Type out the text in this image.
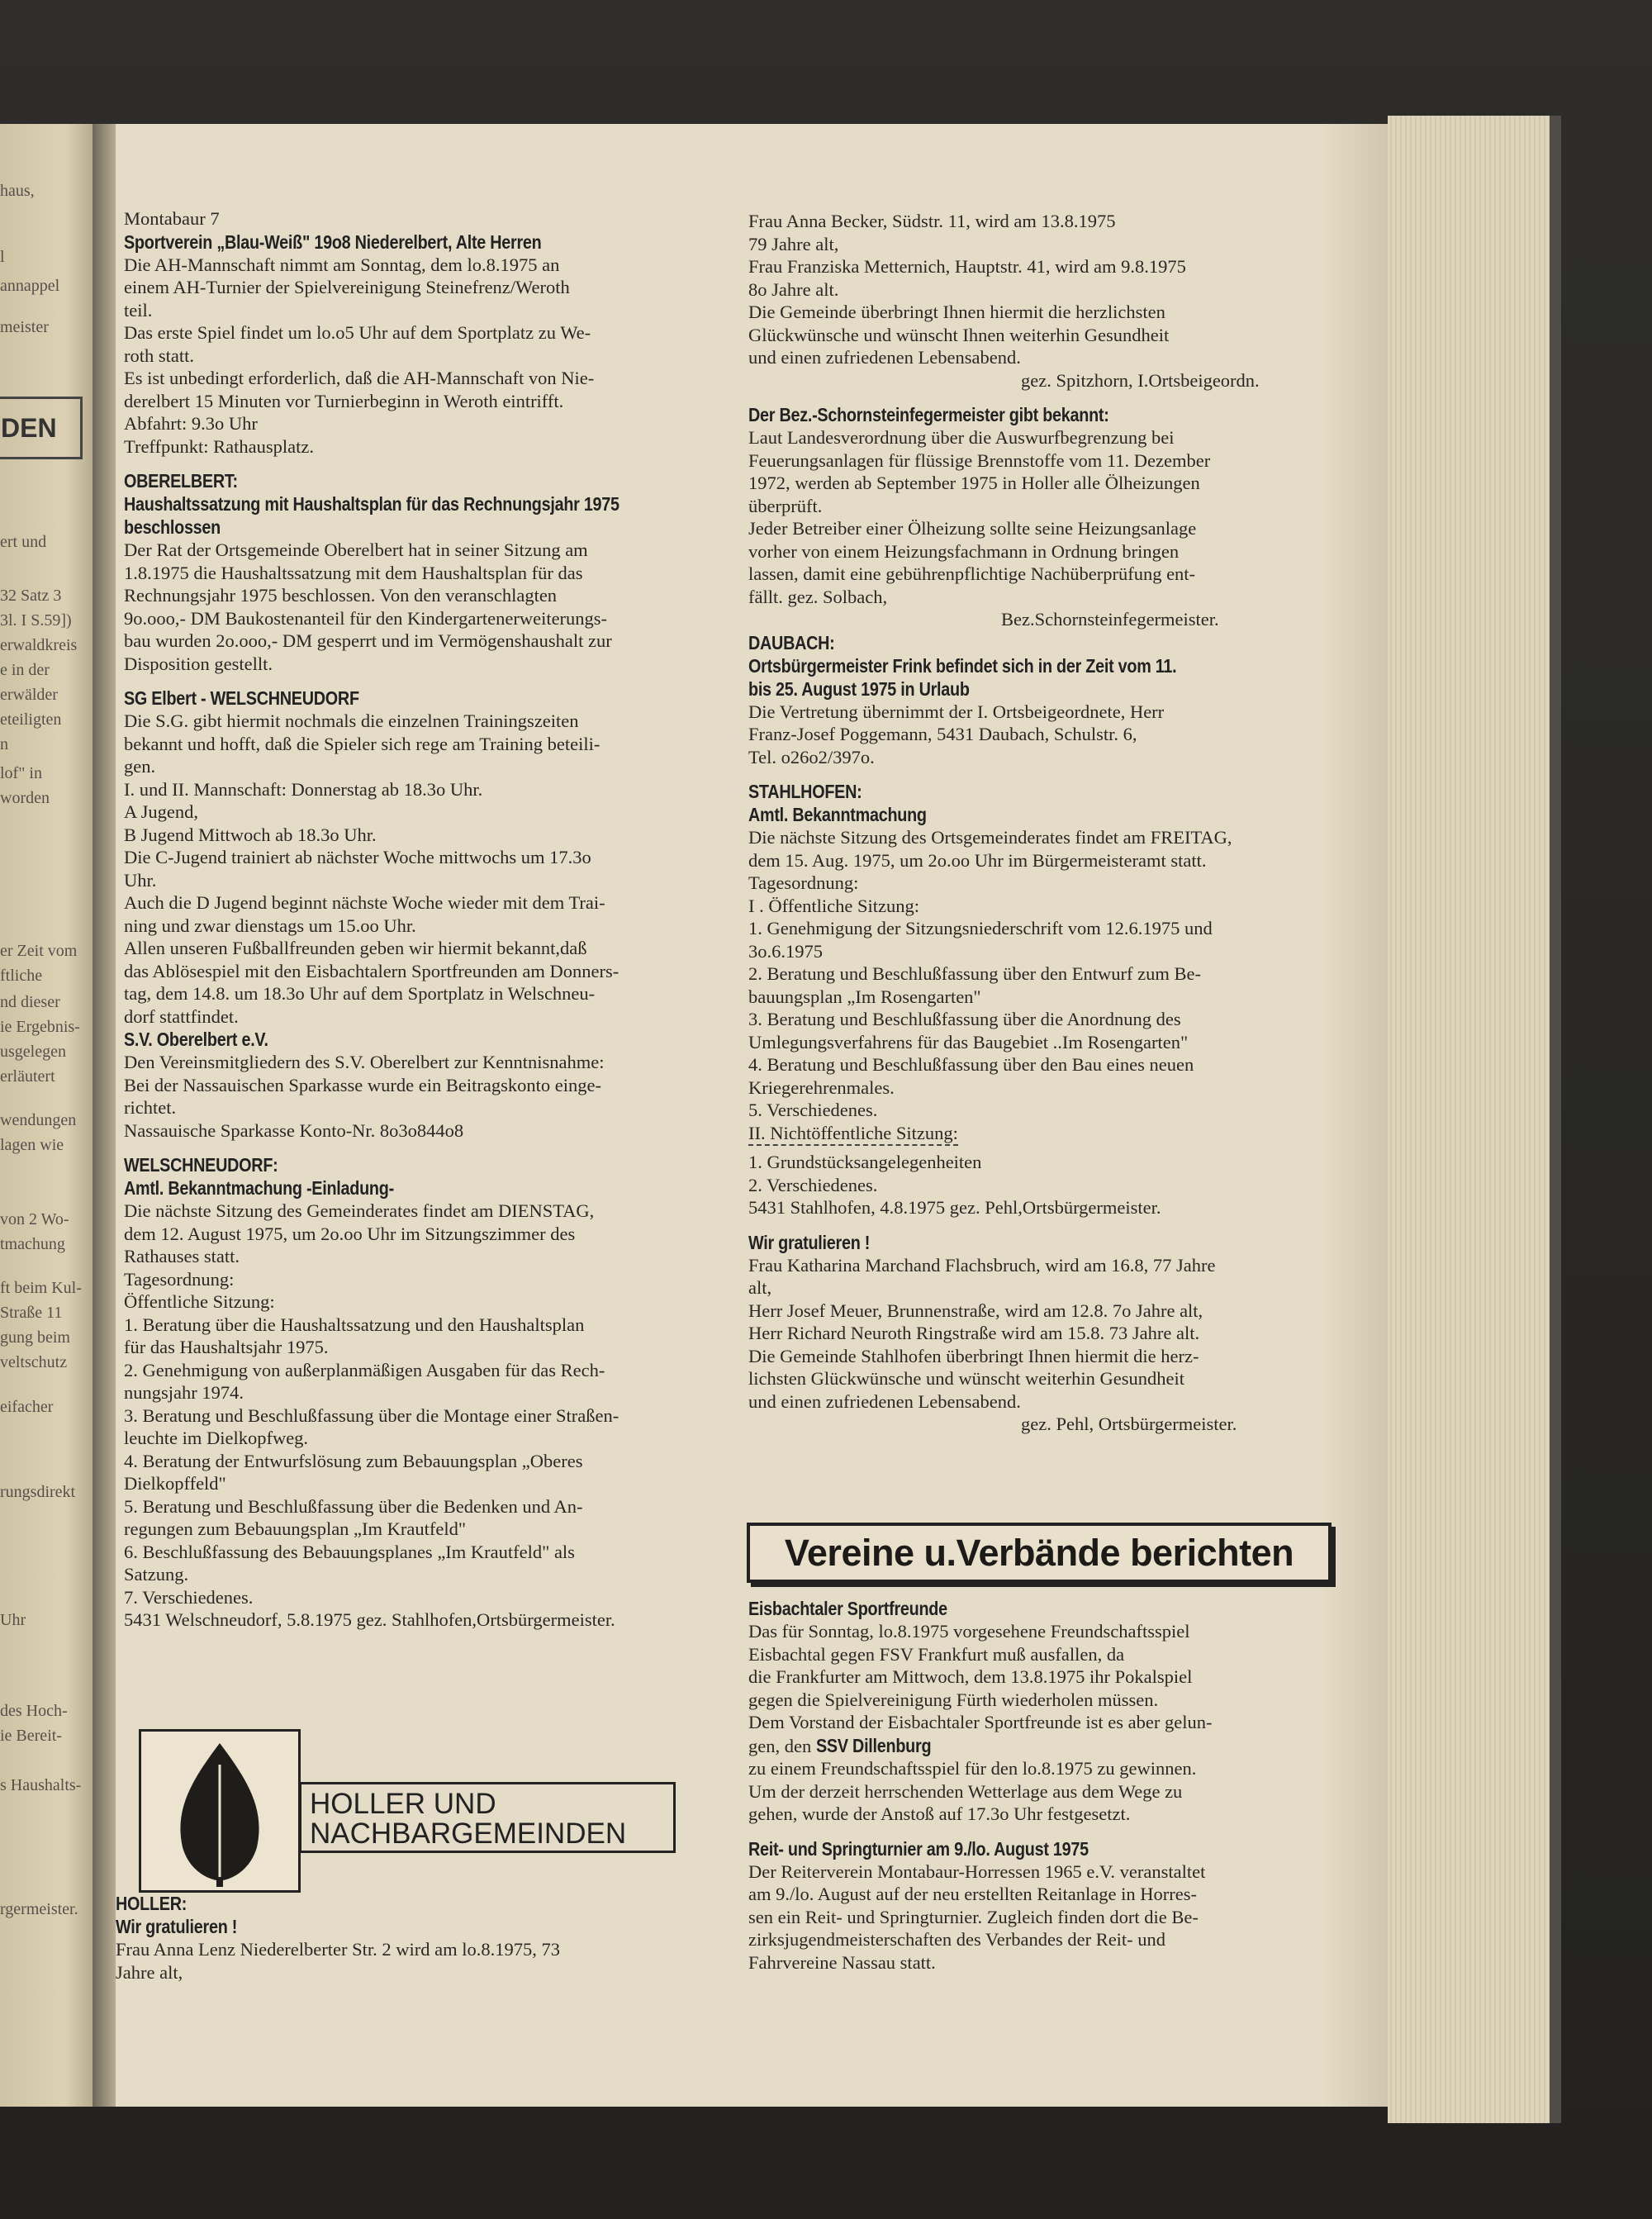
DEN
haus,
l
annappel
meister
ert und
32 Satz 3
3l. I S.59])
erwaldkreis
e in der
erwälder
eteiligten
n
lof" in
worden
er Zeit vom
ftliche
nd dieser
ie Ergebnis-
usgelegen
erläutert
wendungen
lagen wie
von 2 Wo-
tmachung
ft beim Kul-
Straße 11
gung beim
veltschutz
eifacher
rungsdirekt
Uhr
des Hoch-
ie Bereit-
s Haushalts-
rgermeister.
Montabaur 7
Sportverein „Blau-Weiß" 19o8 Niederelbert, Alte Herren
Die AH-Mannschaft nimmt am Sonntag, dem lo.8.1975 an
einem AH-Turnier der Spielvereinigung Steinefrenz/Weroth
teil.
Das erste Spiel findet um lo.o5 Uhr auf dem Sportplatz zu We-
roth statt.
Es ist unbedingt erforderlich, daß die AH-Mannschaft von Nie-
derelbert 15 Minuten vor Turnierbeginn in Weroth eintrifft.
Abfahrt: 9.3o Uhr
Treffpunkt: Rathausplatz.
OBERELBERT:
Haushaltssatzung mit Haushaltsplan für das Rechnungsjahr 1975
beschlossen
Der Rat der Ortsgemeinde Oberelbert hat in seiner Sitzung am
1.8.1975 die Haushaltssatzung mit dem Haushaltsplan für das
Rechnungsjahr 1975 beschlossen. Von den veranschlagten
9o.ooo,- DM Baukostenanteil für den Kindergartenerweiterungs-
bau wurden 2o.ooo,- DM gesperrt und im Vermögenshaushalt zur
Disposition gestellt.
SG Elbert - WELSCHNEUDORF
Die S.G. gibt hiermit nochmals die einzelnen Trainingszeiten
bekannt und hofft, daß die Spieler sich rege am Training beteili-
gen.
I. und II. Mannschaft: Donnerstag ab 18.3o Uhr.
A Jugend,
B Jugend Mittwoch ab 18.3o Uhr.
Die C-Jugend trainiert ab nächster Woche mittwochs um 17.3o
Uhr.
Auch die D Jugend beginnt nächste Woche wieder mit dem Trai-
ning und zwar dienstags um 15.oo Uhr.
Allen unseren Fußballfreunden geben wir hiermit bekannt,daß
das Ablösespiel mit den Eisbachtalern Sportfreunden am Donners-
tag, dem 14.8. um 18.3o Uhr auf dem Sportplatz in Welschneu-
dorf stattfindet.
S.V. Oberelbert e.V.
Den Vereinsmitgliedern des S.V. Oberelbert zur Kenntnisnahme:
Bei der Nassauischen Sparkasse wurde ein Beitragskonto einge-
richtet.
Nassauische Sparkasse Konto-Nr. 8o3o844o8
WELSCHNEUDORF:
Amtl. Bekanntmachung -Einladung-
Die nächste Sitzung des Gemeinderates findet am DIENSTAG,
dem 12. August 1975, um 2o.oo Uhr im Sitzungszimmer des
Rathauses statt.
Tagesordnung:
Öffentliche Sitzung:
1. Beratung über die Haushaltssatzung und den Haushaltsplan
für das Haushaltsjahr 1975.
2. Genehmigung von außerplanmäßigen Ausgaben für das Rech-
nungsjahr 1974.
3. Beratung und Beschlußfassung über die Montage einer Straßen-
leuchte im Dielkopfweg.
4. Beratung der Entwurfslösung zum Bebauungsplan „Oberes
Dielkopffeld"
5. Beratung und Beschlußfassung über die Bedenken und An-
regungen zum Bebauungsplan „Im Krautfeld"
6. Beschlußfassung des Bebauungsplanes „Im Krautfeld" als
Satzung.
7. Verschiedenes.
5431 Welschneudorf, 5.8.1975 gez. Stahlhofen,Ortsbürgermeister.
HOLLER UND
NACHBARGEMEINDEN
HOLLER:
Wir gratulieren !
Frau Anna Lenz Niederelberter Str. 2 wird am lo.8.1975, 73
Jahre alt,
Frau Anna Becker, Südstr. 11, wird am 13.8.1975
79 Jahre alt,
Frau Franziska Metternich, Hauptstr. 41, wird am 9.8.1975
8o Jahre alt.
Die Gemeinde überbringt Ihnen hiermit die herzlichsten
Glückwünsche und wünscht Ihnen weiterhin Gesundheit
und einen zufriedenen Lebensabend.
gez. Spitzhorn, I.Ortsbeigeordn.
Der Bez.-Schornsteinfegermeister gibt bekannt:
Laut Landesverordnung über die Auswurfbegrenzung bei
Feuerungsanlagen für flüssige Brennstoffe vom 11. Dezember
1972, werden ab September 1975 in Holler alle Ölheizungen
überprüft.
Jeder Betreiber einer Ölheizung sollte seine Heizungsanlage
vorher von einem Heizungsfachmann in Ordnung bringen
lassen, damit eine gebührenpflichtige Nachüberprüfung ent-
fällt. gez. Solbach,
Bez.Schornsteinfegermeister.
DAUBACH:
Ortsbürgermeister Frink befindet sich in der Zeit vom 11.
bis 25. August 1975 in Urlaub
Die Vertretung übernimmt der I. Ortsbeigeordnete, Herr
Franz-Josef Poggemann, 5431 Daubach, Schulstr. 6,
Tel. o26o2/397o.
STAHLHOFEN:
Amtl. Bekanntmachung
Die nächste Sitzung des Ortsgemeinderates findet am FREITAG,
dem 15. Aug. 1975, um 2o.oo Uhr im Bürgermeisteramt statt.
Tagesordnung:
I . Öffentliche Sitzung:
1. Genehmigung der Sitzungsniederschrift vom 12.6.1975 und
3o.6.1975
2. Beratung und Beschlußfassung über den Entwurf zum Be-
bauungsplan „Im Rosengarten"
3. Beratung und Beschlußfassung über die Anordnung des
Umlegungsverfahrens für das Baugebiet ..Im Rosengarten"
4. Beratung und Beschlußfassung über den Bau eines neuen
Kriegerehrenmales.
5. Verschiedenes.
II. Nichtöffentliche Sitzung:
1. Grundstücksangelegenheiten
2. Verschiedenes.
5431 Stahlhofen, 4.8.1975 gez. Pehl,Ortsbürgermeister.
Wir gratulieren !
Frau Katharina Marchand Flachsbruch, wird am 16.8, 77 Jahre
alt,
Herr Josef Meuer, Brunnenstraße, wird am 12.8. 7o Jahre alt,
Herr Richard Neuroth Ringstraße wird am 15.8. 73 Jahre alt.
Die Gemeinde Stahlhofen überbringt Ihnen hiermit die herz-
lichsten Glückwünsche und wünscht weiterhin Gesundheit
und einen zufriedenen Lebensabend.
gez. Pehl, Ortsbürgermeister.
Vereine u.Verbände berichten
Eisbachtaler Sportfreunde
Das für Sonntag, lo.8.1975 vorgesehene Freundschaftsspiel
Eisbachtal gegen FSV Frankfurt muß ausfallen, da
die Frankfurter am Mittwoch, dem 13.8.1975 ihr Pokalspiel
gegen die Spielvereinigung Fürth wiederholen müssen.
Dem Vorstand der Eisbachtaler Sportfreunde ist es aber gelun-
gen, den SSV Dillenburg
zu einem Freundschaftsspiel für den lo.8.1975 zu gewinnen.
Um der derzeit herrschenden Wetterlage aus dem Wege zu
gehen, wurde der Anstoß auf 17.3o Uhr festgesetzt.
Reit- und Springturnier am 9./lo. August 1975
Der Reiterverein Montabaur-Horressen 1965 e.V. veranstaltet
am 9./lo. August auf der neu erstellten Reitanlage in Horres-
sen ein Reit- und Springturnier. Zugleich finden dort die Be-
zirksjugendmeisterschaften des Verbandes der Reit- und
Fahrvereine Nassau statt.
